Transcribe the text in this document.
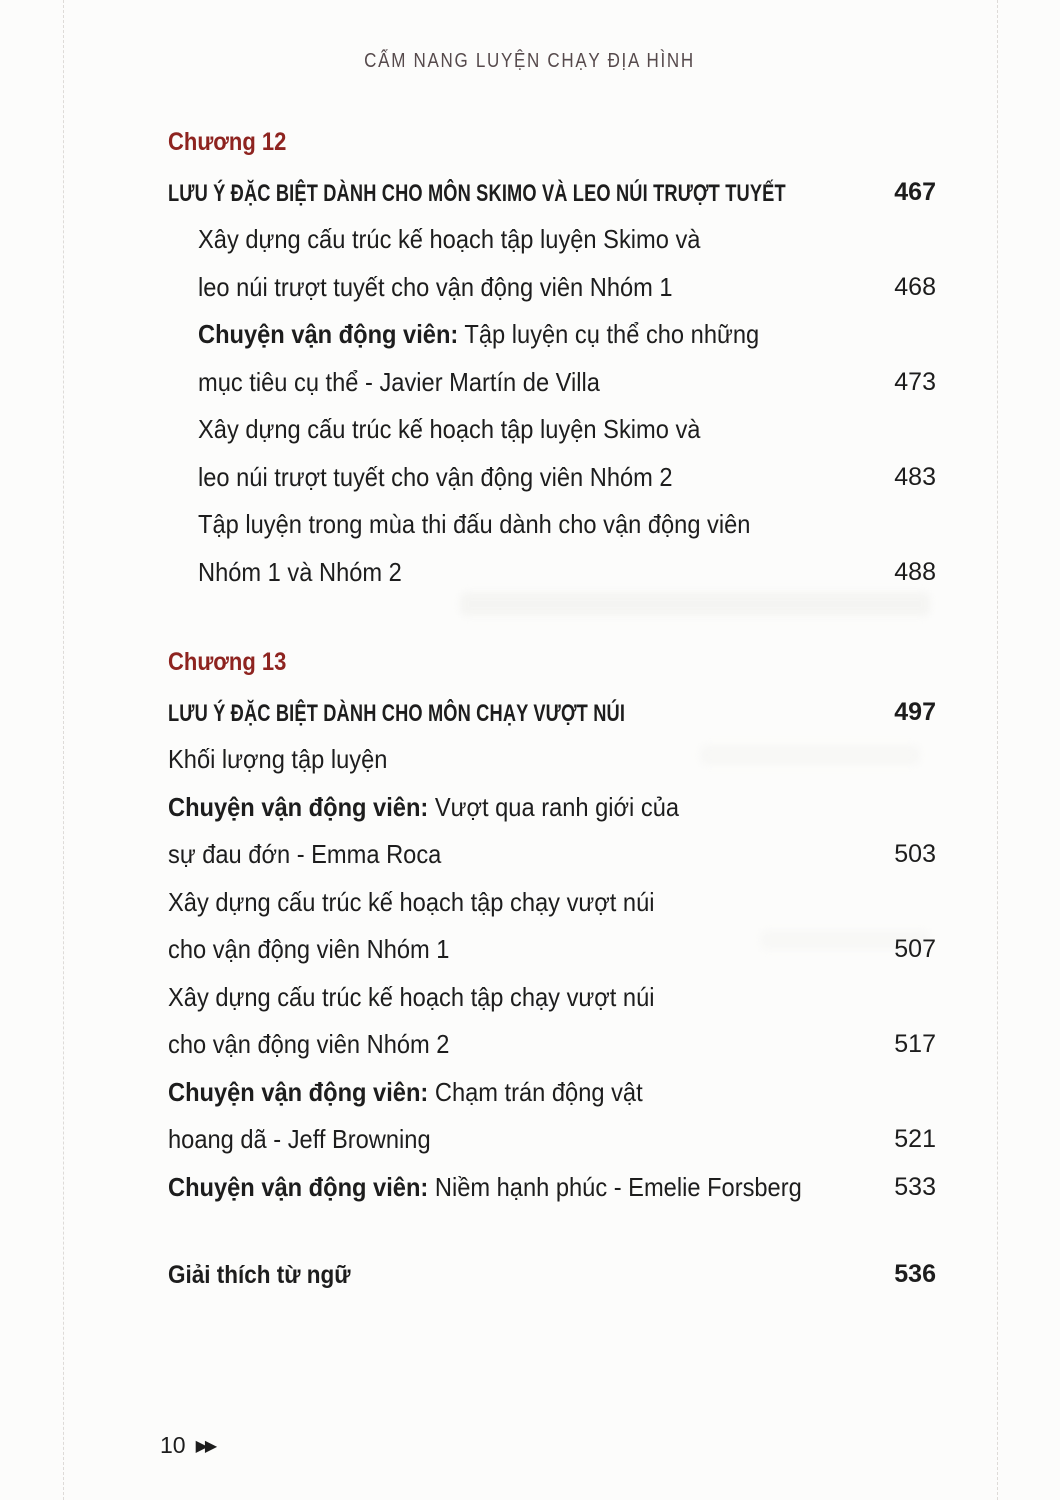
CẨM NANG LUYỆN CHẠY ĐỊA HÌNH
Chương 12
LƯU Ý ĐẶC BIỆT DÀNH CHO MÔN SKIMO VÀ LEO NÚI TRƯỢT TUYẾT	467
Xây dựng cấu trúc kế hoạch tập luyện Skimo và
leo núi trượt tuyết cho vận động viên Nhóm 1	468
Chuyện vận động viên: Tập luyện cụ thể cho những
mục tiêu cụ thể - Javier Martín de Villa	473
Xây dựng cấu trúc kế hoạch tập luyện Skimo và
leo núi trượt tuyết cho vận động viên Nhóm 2	483
Tập luyện trong mùa thi đấu dành cho vận động viên
Nhóm 1 và Nhóm 2	488
Chương 13
LƯU Ý ĐẶC BIỆT DÀNH CHO MÔN CHẠY VƯỢT NÚI	497
Khối lượng tập luyện
Chuyện vận động viên: Vượt qua ranh giới của
sự đau đớn - Emma Roca	503
Xây dựng cấu trúc kế hoạch tập chạy vượt núi
cho vận động viên Nhóm 1	507
Xây dựng cấu trúc kế hoạch tập chạy vượt núi
cho vận động viên Nhóm 2	517
Chuyện vận động viên: Chạm trán động vật
hoang dã - Jeff Browning	521
Chuyện vận động viên: Niềm hạnh phúc - Emelie Forsberg	533
Giải thích từ ngữ	536
10 ▶▶
